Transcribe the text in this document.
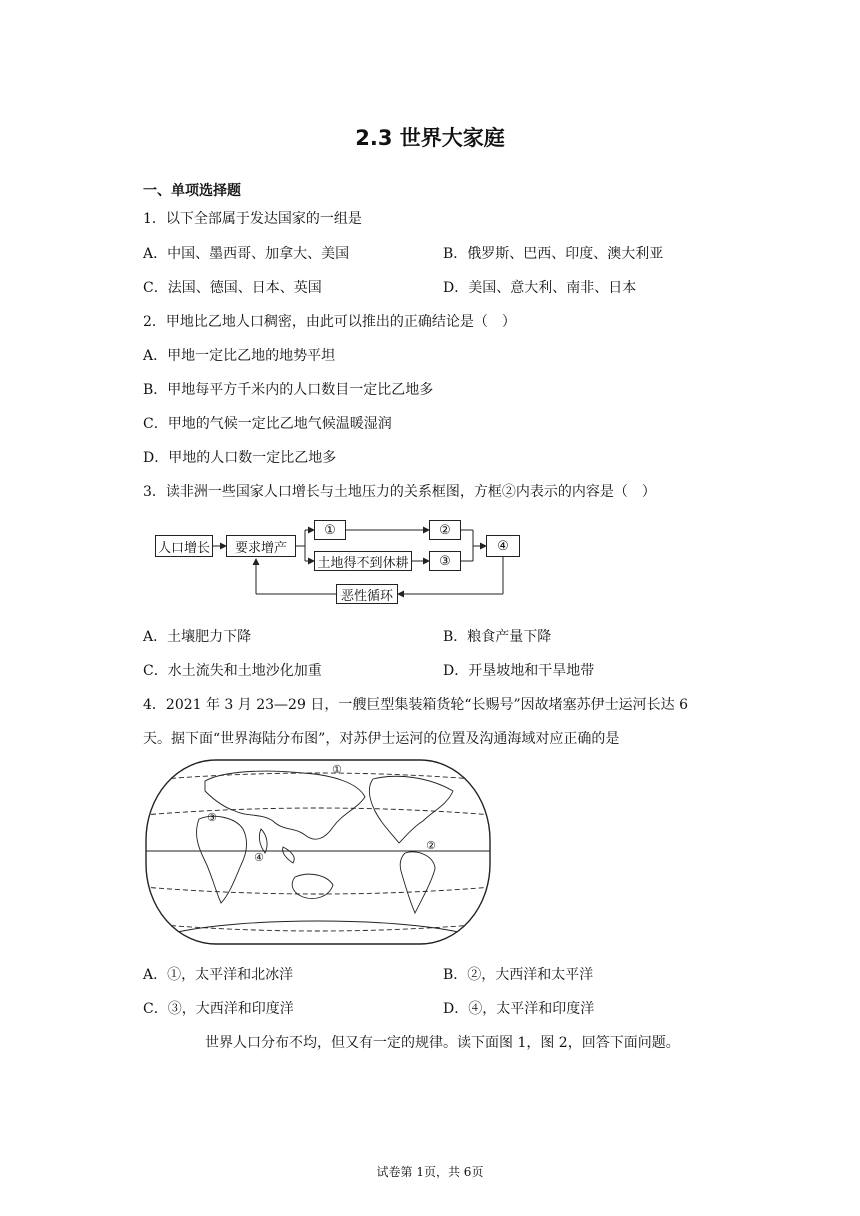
2.3 世界大家庭
一、单项选择题
1．以下全部属于发达国家的一组是
A．中国、墨西哥、加拿大、美国	B．俄罗斯、巴西、印度、澳大利亚
C．法国、德国、日本、英国	D．美国、意大利、南非、日本
2．甲地比乙地人口稠密，由此可以推出的正确结论是（　）
A．甲地一定比乙地的地势平坦
B．甲地每平方千米内的人口数目一定比乙地多
C．甲地的气候一定比乙地气候温暖湿润
D．甲地的人口数一定比乙地多
3．读非洲一些国家人口增长与土地压力的关系框图，方框②内表示的内容是（　）
人口增长	要求增产
①	②
土地得不到休耕	③
④
恶性循环
A．土壤肥力下降	B．粮食产量下降
C．水土流失和土地沙化加重	D．开垦坡地和干旱地带
4．2021 年 3 月 23—29 日，一艘巨型集装箱货轮“长赐号”因故堵塞苏伊士运河长达 6
天。据下面“世界海陆分布图”，对苏伊士运河的位置及沟通海域对应正确的是
①
③
④
②
A．①，太平洋和北冰洋	B．②，大西洋和太平洋
C．③，大西洋和印度洋	D．④，太平洋和印度洋
世界人口分布不均，但又有一定的规律。读下面图 1，图 2，回答下面问题。
试卷第 1页，共 6页
